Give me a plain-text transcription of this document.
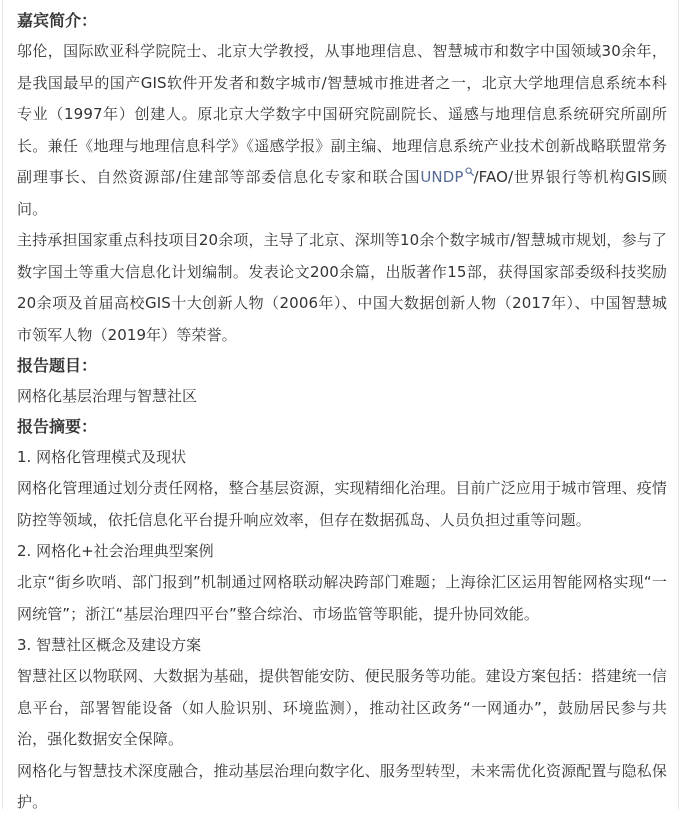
嘉宾简介：
邬伦，国际欧亚科学院院士、北京大学教授，从事地理信息、智慧城市和数字中国领域30余年，是我国最早的国产GIS软件开发者和数字城市/智慧城市推进者之一，北京大学地理信息系统本科专业（1997年）创建人。原北京大学数字中国研究院副院长、遥感与地理信息系统研究所副所长。兼任《地理与地理信息科学》《遥感学报》副主编、地理信息系统产业技术创新战略联盟常务副理事长、自然资源部/住建部等部委信息化专家和联合国UNDP /FAO/世界银行等机构GIS顾问。
主持承担国家重点科技项目20余项，主导了北京、深圳等10余个数字城市/智慧城市规划，参与了数字国土等重大信息化计划编制。发表论文200余篇，出版著作15部，获得国家部委级科技奖励20余项及首届高校GIS十大创新人物（2006年）、中国大数据创新人物（2017年）、中国智慧城市领军人物（2019年）等荣誉。
报告题目：
网格化基层治理与智慧社区
报告摘要：
1. 网格化管理模式及现状
网格化管理通过划分责任网格，整合基层资源，实现精细化治理。目前广泛应用于城市管理、疫情防控等领域，依托信息化平台提升响应效率，但存在数据孤岛、人员负担过重等问题。
2. 网格化+社会治理典型案例
北京“街乡吹哨、部门报到”机制通过网格联动解决跨部门难题；上海徐汇区运用智能网格实现“一网统管”；浙江“基层治理四平台”整合综治、市场监管等职能，提升协同效能。
3. 智慧社区概念及建设方案
智慧社区以物联网、大数据为基础，提供智能安防、便民服务等功能。建设方案包括：搭建统一信息平台，部署智能设备（如人脸识别、环境监测），推动社区政务“一网通办”，鼓励居民参与共治，强化数据安全保障。
网格化与智慧技术深度融合，推动基层治理向数字化、服务型转型，未来需优化资源配置与隐私保护。
